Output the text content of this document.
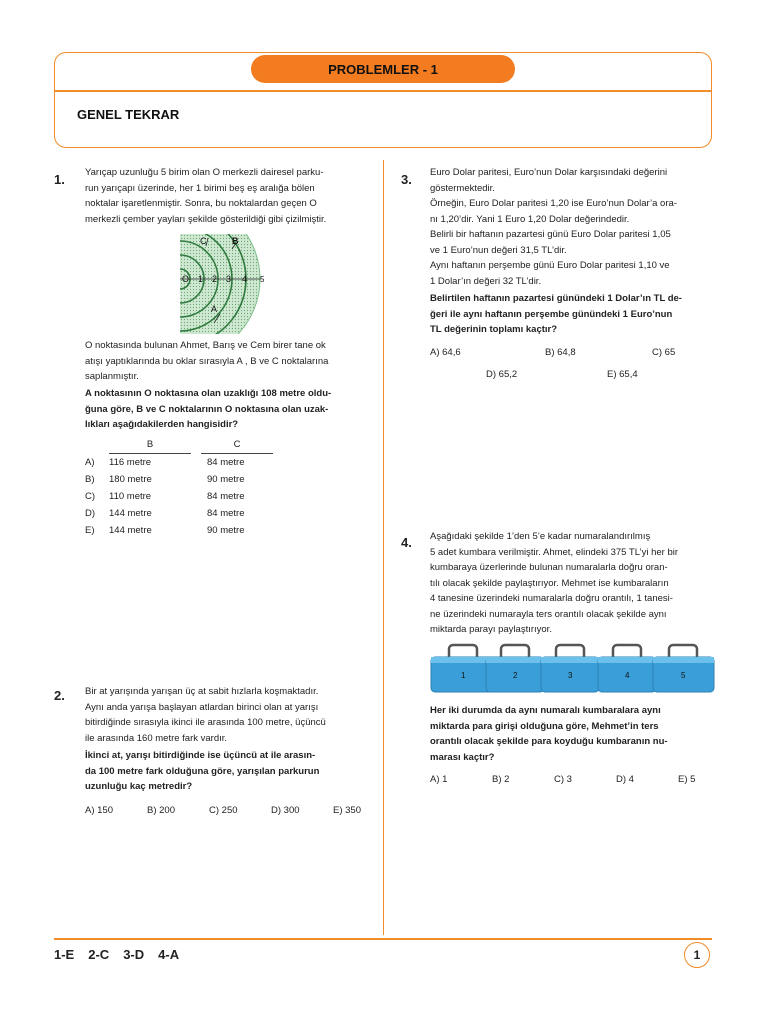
PROBLEMLER - 1
GENEL TEKRAR
1. Yarıçap uzunluğu 5 birim olan O merkezli dairesel parku-

run yarıçapı üzerinde, her 1 birimi beş eş aralığa bölen

noktalar işaretlenmiştir. Sonra, bu noktalardan geçen O

merkezli çember yayları şekilde gösterildiği gibi çizilmiştir.

O 1 2 3 4 5
A
B
C

O noktasında bulunan Ahmet, Barış ve Cem birer tane ok

atışı yaptıklarında bu oklar sırasıyla A , B ve C noktalarına

saplanmıştır.

A noktasının O noktasına olan uzaklığı 108 metre oldu-

ğuna göre, B ve C noktalarının O noktasına olan uzak-

lıkları aşağıdakilerden hangisidir?

	B		C
A)	116 metre		84 metre
B)	180 metre		90 metre
C)	110 metre		84 metre
D)	144 metre		84 metre
E)	144 metre		90 metre
2. Bir at yarışında yarışan üç at sabit hızlarla koşmaktadır.

Aynı anda yarışa başlayan atlardan birinci olan at yarışı

bitirdiğinde sırasıyla ikinci ile arasında 100 metre, üçüncü

ile arasında 160 metre fark vardır.

İkinci at, yarışı bitirdiğinde ise üçüncü at ile arasın-

da 100 metre fark olduğuna göre, yarışılan parkurun

uzunluğu kaç metredir?

A) 150	B) 200	C) 250	D) 300	E) 350
3. Euro Dolar paritesi, Euro’nun Dolar karşısındaki değerini

göstermektedir.

Örneğin, Euro Dolar paritesi 1,20 ise Euro’nun Dolar’a ora-

nı 1,20’dir. Yani 1 Euro 1,20 Dolar değerindedir.

Belirli bir haftanın pazartesi günü Euro Dolar paritesi 1,05

ve 1 Euro’nun değeri 31,5 TL’dir.

Aynı haftanın perşembe günü Euro Dolar paritesi 1,10 ve

1 Dolar’ın değeri 32 TL’dir.

Belirtilen haftanın pazartesi günündeki 1 Dolar’ın TL de-

ğeri ile aynı haftanın perşembe günündeki 1 Euro’nun

TL değerinin toplamı kaçtır?

A) 64,6	B) 64,8	C) 65
D) 65,2	E) 65,4
4. Aşağıdaki şekilde 1’den 5’e kadar numaralandırılmış

5 adet kumbara verilmiştir. Ahmet, elindeki 375 TL’yi her bir

kumbaraya üzerlerinde bulunan numaralarla doğru oran-

tılı olacak şekilde paylaştırıyor. Mehmet ise kumbaraların

4 tanesine üzerindeki numaralarla doğru orantılı, 1 tanesi-

ne üzerindeki numarayla ters orantılı olacak şekilde aynı

miktarda parayı paylaştırıyor.

1	2	3	4	5

Her iki durumda da aynı numaralı kumbaralara aynı

miktarda para girişi olduğuna göre, Mehmet’in ters

orantılı olacak şekilde para koyduğu kumbaranın nu-

marası kaçtır?

A) 1	B) 2	C) 3	D) 4	E) 5
1-E 2-C 3-D 4-A	1
